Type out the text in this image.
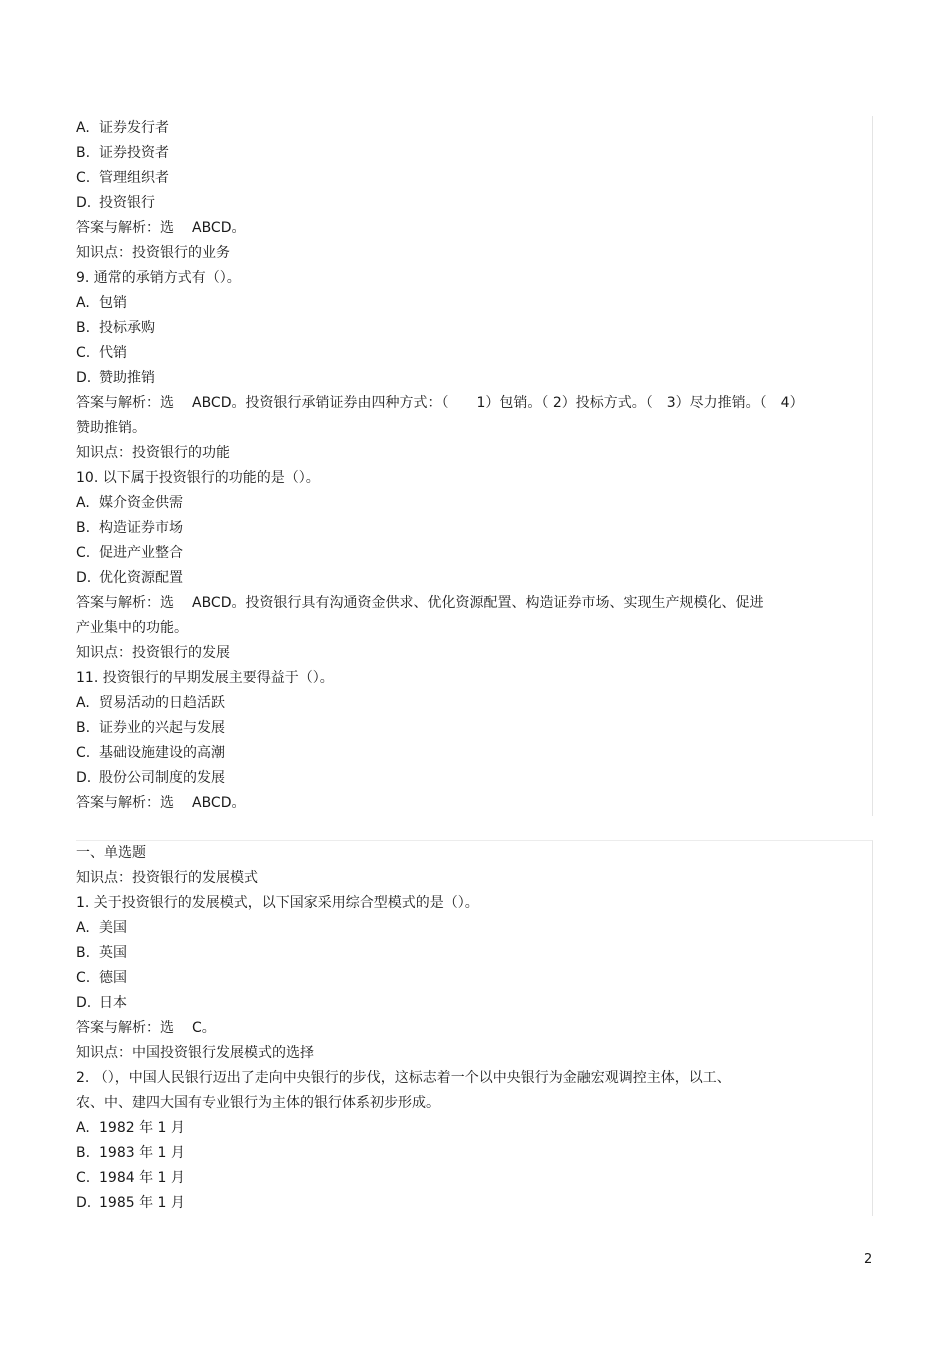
A. 证券发行者
B. 证券投资者
C. 管理组织者
D. 投资银行
答案与解析：选 ABCD。
知识点：投资银行的业务
9. 通常的承销方式有（）。
A. 包销
B. 投标承购
C. 代销
D. 赞助推销
答案与解析：选 ABCD。投资银行承销证券由四种方式：（　　1）包销。（ 2）投标方式。（　3）尽力推销。（　4）
赞助推销。
知识点：投资银行的功能
10. 以下属于投资银行的功能的是（）。
A. 媒介资金供需
B. 构造证券市场
C. 促进产业整合
D. 优化资源配置
答案与解析：选 ABCD。投资银行具有沟通资金供求、优化资源配置、构造证券市场、实现生产规模化、促进
产业集中的功能。
知识点：投资银行的发展
11. 投资银行的早期发展主要得益于（）。
A. 贸易活动的日趋活跃
B. 证券业的兴起与发展
C. 基础设施建设的高潮
D. 股份公司制度的发展
答案与解析：选 ABCD。
一、单选题
知识点：投资银行的发展模式
1. 关于投资银行的发展模式，以下国家采用综合型模式的是（）。
A. 美国
B. 英国
C. 德国
D. 日本
答案与解析：选 C。
知识点：中国投资银行发展模式的选择
2. （），中国人民银行迈出了走向中央银行的步伐，这标志着一个以中央银行为金融宏观调控主体，以工、
农、中、建四大国有专业银行为主体的银行体系初步形成。
A. 1982 年 1 月
B. 1983 年 1 月
C. 1984 年 1 月
D. 1985 年 1 月
2
